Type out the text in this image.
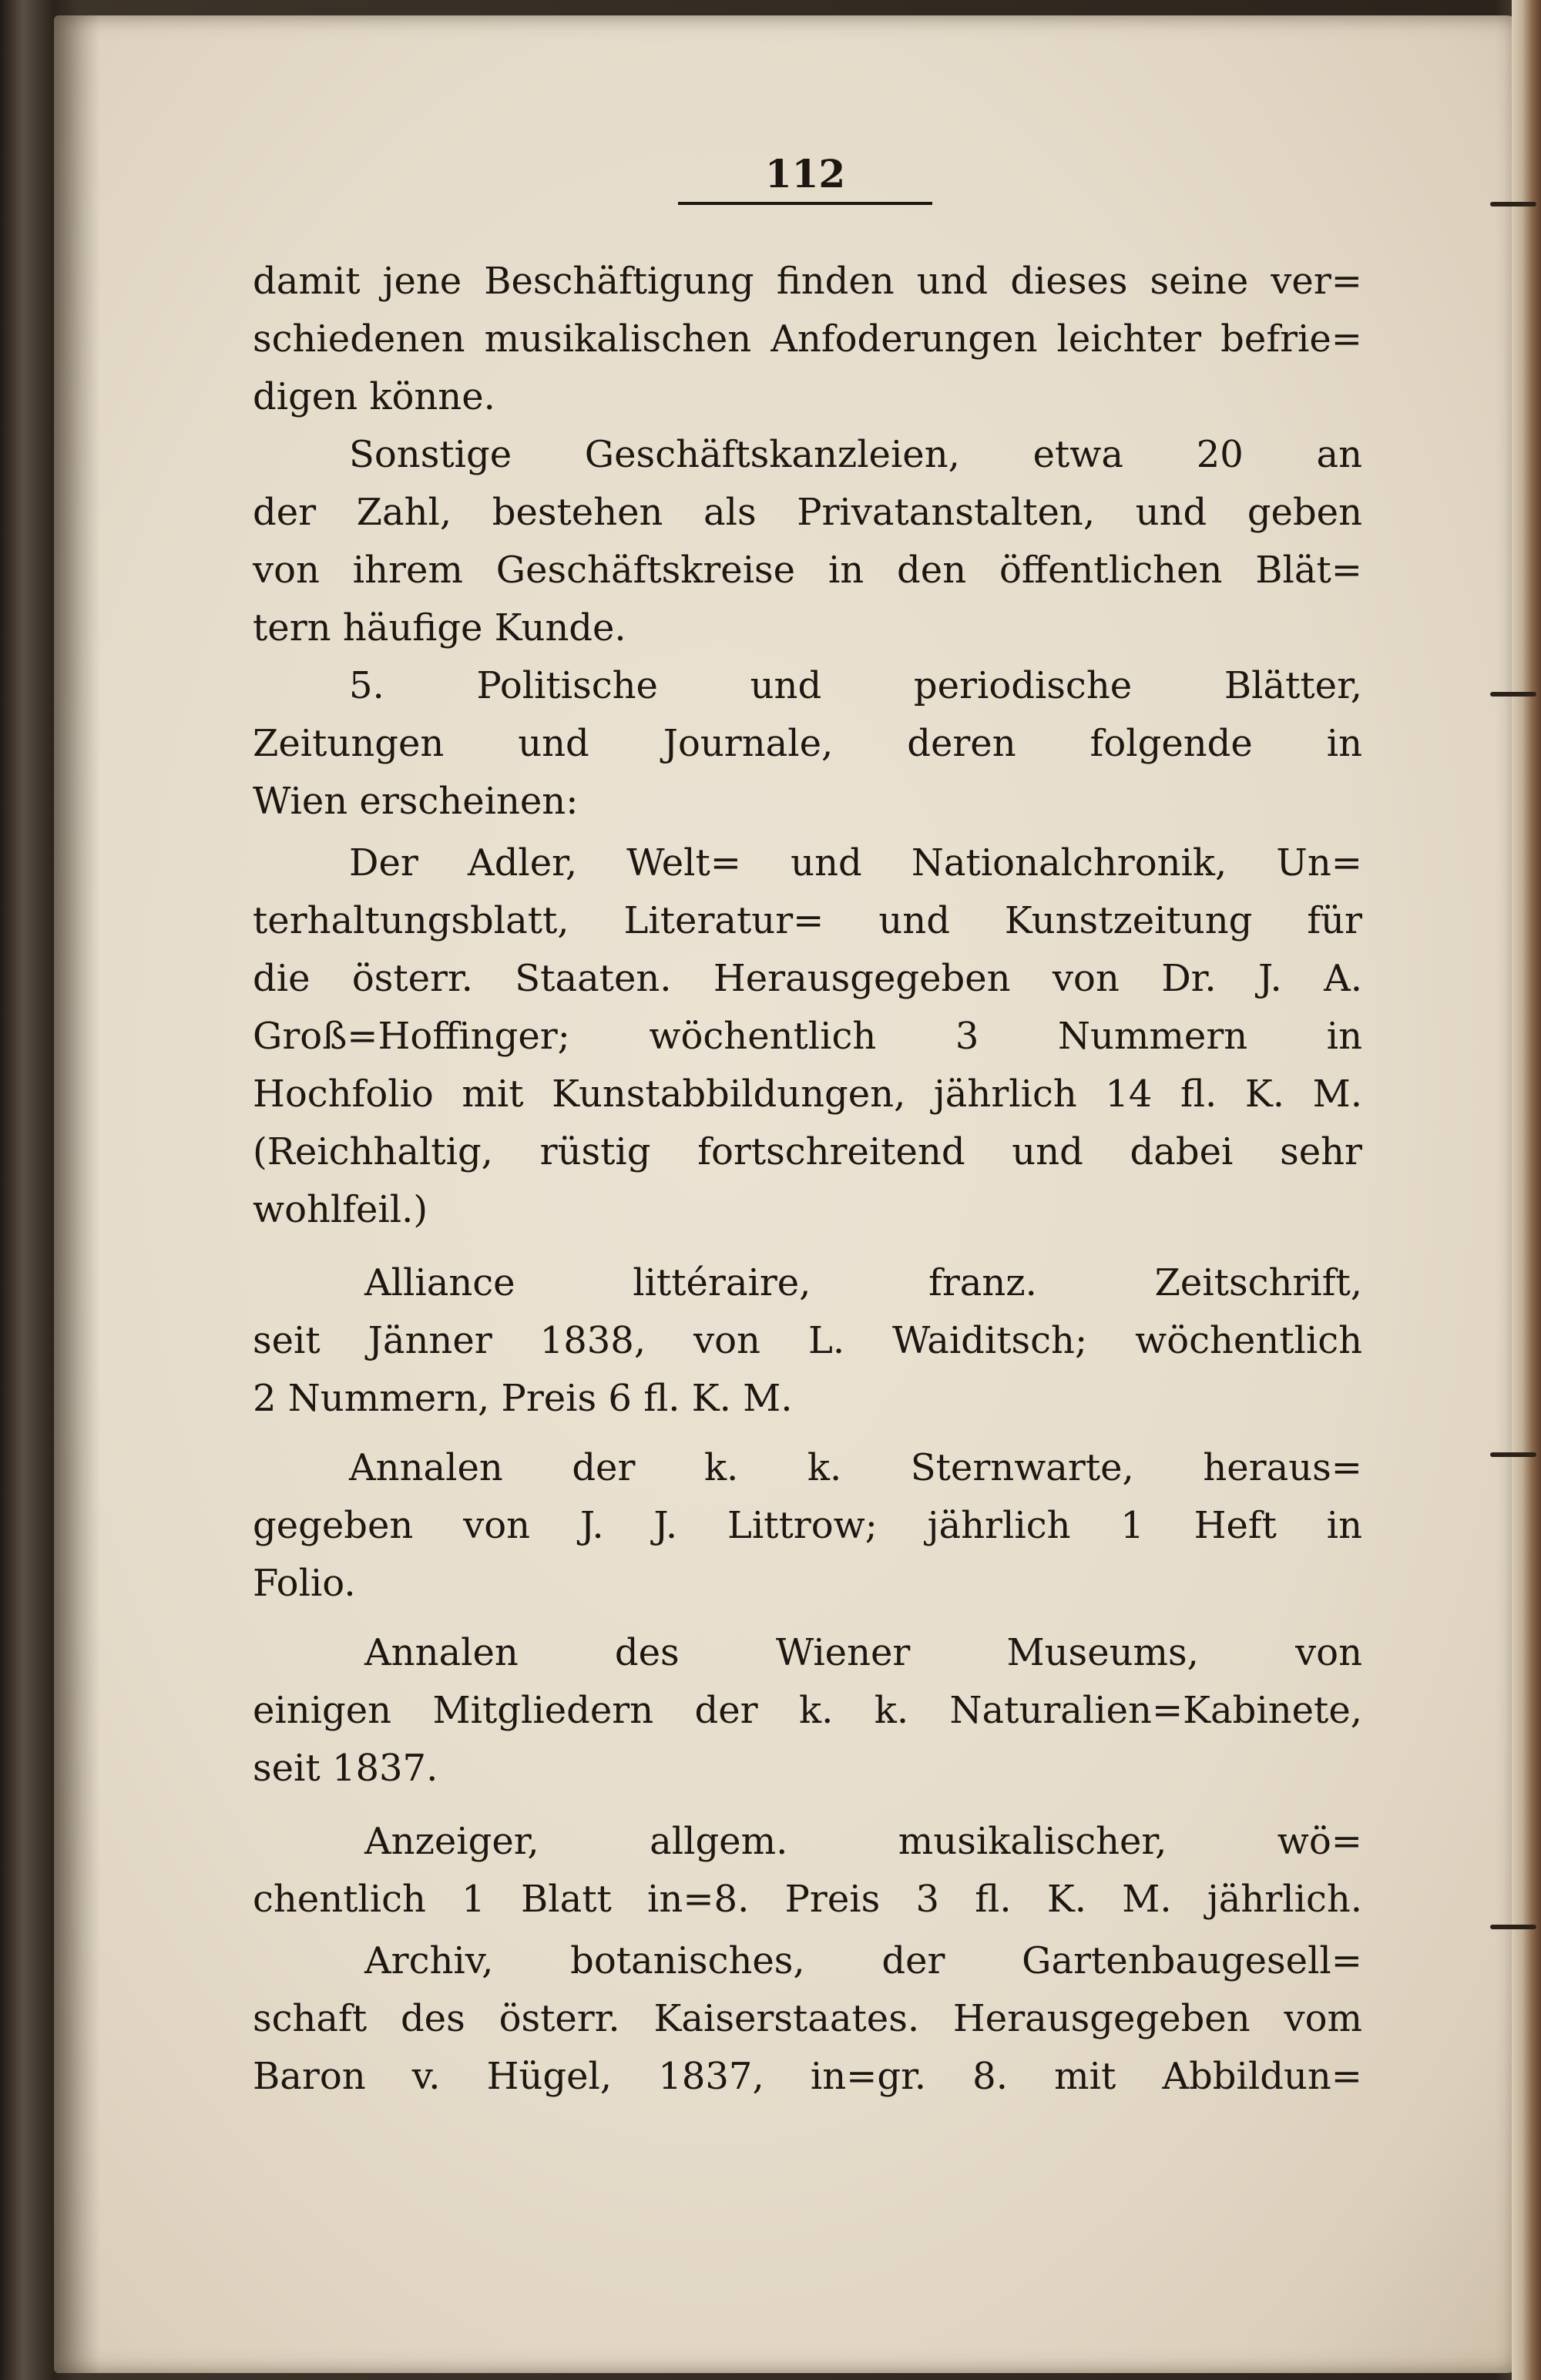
112
damit jene Beschäftigung finden und dieses seine ver=
schiedenen musikalischen Anfoderungen leichter befrie=
digen könne.
Sonstige Geschäftskanzleien, etwa 20 an
der Zahl, bestehen als Privatanstalten, und geben
von ihrem Geschäftskreise in den öffentlichen Blät=
tern häufige Kunde.
5. Politische und periodische Blätter,
Zeitungen und Journale, deren folgende in
Wien erscheinen:
Der Adler, Welt= und Nationalchronik, Un=
terhaltungsblatt, Literatur= und Kunstzeitung für
die österr. Staaten. Herausgegeben von Dr. J. A.
Groß=Hoffinger; wöchentlich 3 Nummern in
Hochfolio mit Kunstabbildungen, jährlich 14 fl. K. M.
(Reichhaltig, rüstig fortschreitend und dabei sehr
wohlfeil.)
Alliance littéraire, franz. Zeitschrift,
seit Jänner 1838, von L. Waiditsch; wöchentlich
2 Nummern, Preis 6 fl. K. M.
Annalen der k. k. Sternwarte, heraus=
gegeben von J. J. Littrow; jährlich 1 Heft in
Folio.
Annalen des Wiener Museums, von
einigen Mitgliedern der k. k. Naturalien=Kabinete,
seit 1837.
Anzeiger, allgem. musikalischer, wö=
chentlich 1 Blatt in=8. Preis 3 fl. K. M. jährlich.
Archiv, botanisches, der Gartenbaugesell=
schaft des österr. Kaiserstaates. Herausgegeben vom
Baron v. Hügel, 1837, in=gr. 8. mit Abbildun=
